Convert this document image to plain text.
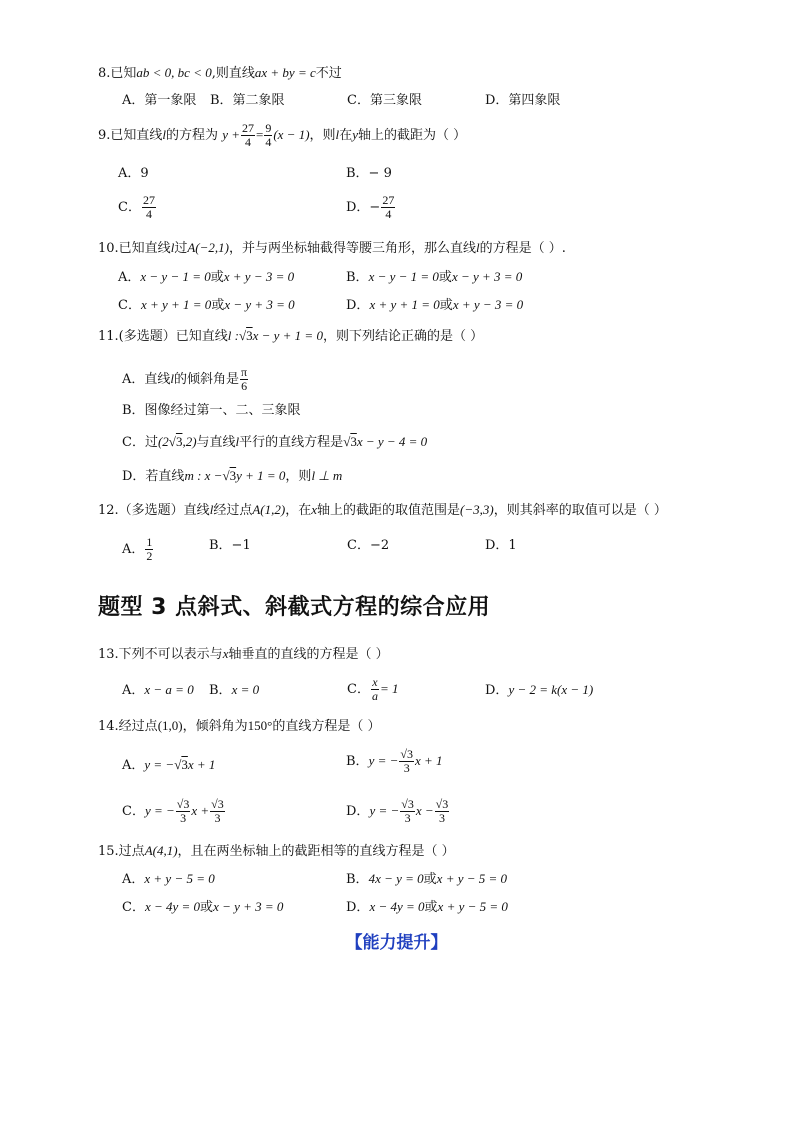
8.已知ab < 0, bc < 0,则直线ax + by = c不过
A．第一象限 B．第二象限	C．第三象限	D．第四象限
9.已知直线l的方程为 $y + \frac{27}{4} = \frac{9}{4} (x - 1)$，则l在y轴上的截距为（ ）
A．9	B．− 9
C． $\frac{27}{4}$	D．− $\frac{27}{4}$
10.已知直线l过A(−2,1)，并与两坐标轴截得等腰三角形，那么直线l的方程是（ ）.
A．x − y − 1 = 0或x + y − 3 = 0	B．x − y − 1 = 0或x − y + 3 = 0
C．x + y + 1 = 0或x − y + 3 = 0	D．x + y + 1 = 0或x + y − 3 = 0
11.(多选题）已知直线l :√3x − y + 1 = 0，则下列结论正确的是（ ）
A．直线l的倾斜角是 $\frac{\pi}{6}$
B．图像经过第一、二、三象限
C．过(2√3,2)与直线l平行的直线方程是√3x − y − 4 = 0
D．若直线m : x −√3y + 1 = 0，则l ⊥ m
12.（多选题）直线l经过点A(1,2)，在x轴上的截距的取值范围是(−3,3)，则其斜率的取值可以是（ ）
A． $\frac{1}{2}$	B．−1	C．−2	D．1
题型 3 点斜式、斜截式方程的综合应用
13.下列不可以表示与x轴垂直的直线的方程是（ ）
A．x − a = 0 B．x = 0	C． $\frac{x}{a} = 1$	D．y − 2 = k(x − 1)
14.经过点(1,0)，倾斜角为150°的直线方程是（ ）
A．y = −√3x + 1	B．y = − $\frac{√3}{3}$ x + 1
C．y = − $\frac{√3}{3}$ $x + \frac{√3}{3}$	D．y = − $\frac{√3}{3}$ $x - \frac{√3}{3}$
15.过点A(4,1)，且在两坐标轴上的截距相等的直线方程是（ ）
A．x + y − 5 = 0	B．4x − y = 0或x + y − 5 = 0
C．x − 4y = 0或x − y + 3 = 0	D．x − 4y = 0或x + y − 5 = 0
【能力提升】
